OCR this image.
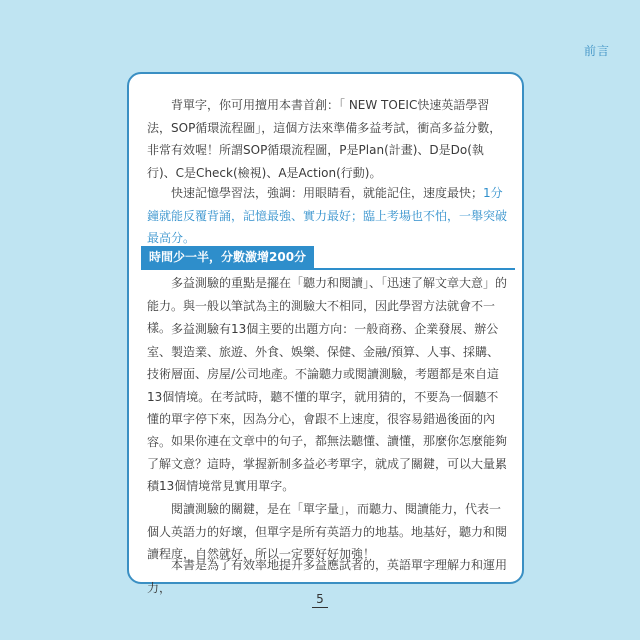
前言

背單字，你可用擅用本書首創：「 NEW TOEIC快速英語學習法，SOP循環流程圖」，這個方法來準備多益考試，衝高多益分數，非常有效喔！所謂SOP循環流程圖，P是Plan(計畫)、D是Do(執行)、C是Check(檢視)、A是Action(行動)。

快速記憶學習法，強調：用眼睛看，就能記住，速度最快；1分鐘就能反覆背誦，記憶最強、實力最好；臨上考場也不怕，一舉突破最高分。

時間少一半，分數激增200分

多益測驗的重點是擺在「聽力和閱讀」、「迅速了解文章大意」的能力。與一般以筆試為主的測驗大不相同，因此學習方法就會不一樣。 多益測驗有13個主要的出題方向：一般商務、企業發展、辦公室、製造業、旅遊、外食、娛樂、保健、金融/預算、人事、採購、技術層面、房屋/公司地產。不論聽力或閱讀測驗，考題都是來自這13個情境。在考試時，聽不懂的單字，就用猜的，不要為一個聽不懂的單字停下來，因為分心，會跟不上速度，很容易錯過後面的內容。 如果你連在文章中的句子，都無法聽懂、讀懂，那麼你怎麼能夠了解文意？這時，掌握新制多益必考單字，就成了關鍵，可以大量累積13個情境常見實用單字。

閱讀測驗的關鍵，是在「單字量」，而聽力、閱讀能力，代表一個人英語力的好壞，但單字是所有英語力的地基。地基好，聽力和閱讀程度，自然就好，所以一定要好好加強！

本書是為了有效率地提升多益應試者的，英語單字理解力和運用力，

5
